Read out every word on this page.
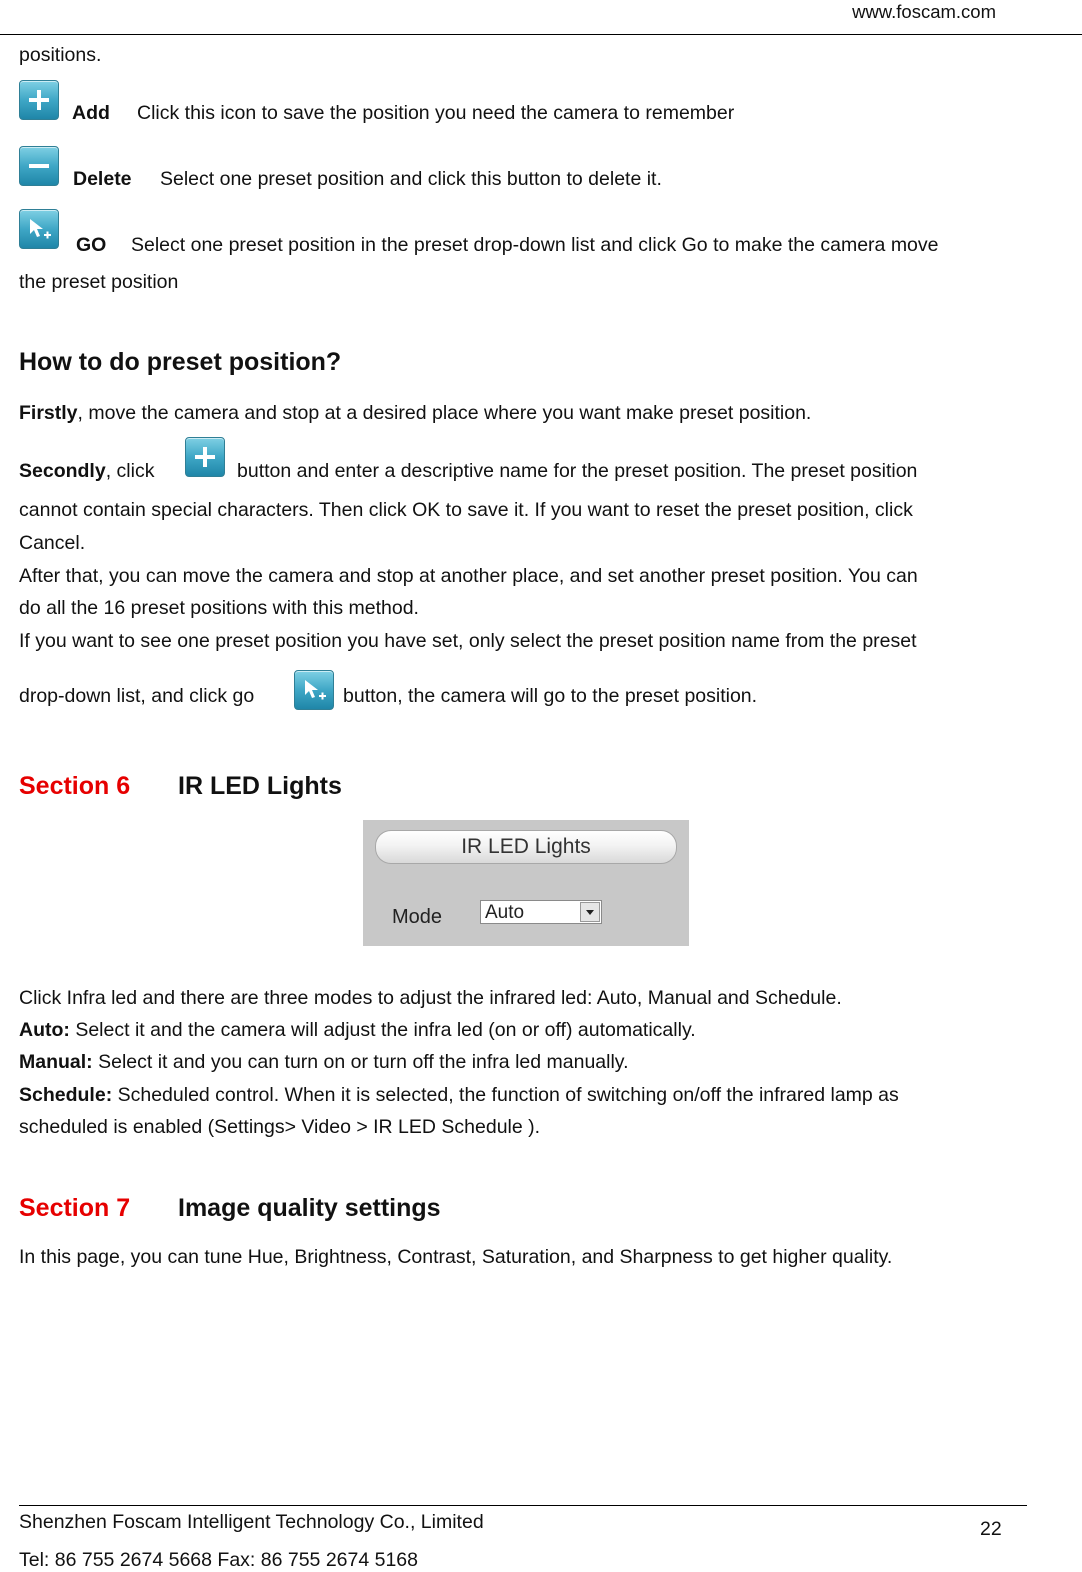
www.foscam.com
positions.
Add Click this icon to save the position you need the camera to remember
Delete Select one preset position and click this button to delete it.
GO Select one preset position in the preset drop-down list and click Go to make the camera move
the preset position
How to do preset position?
Firstly, move the camera and stop at a desired place where you want make preset position.
Secondly, click	button and enter a descriptive name for the preset position. The preset position
cannot contain special characters. Then click OK to save it. If you want to reset the preset position, click
Cancel.
After that, you can move the camera and stop at another place, and set another preset position. You can
do all the 16 preset positions with this method.
If you want to see one preset position you have set, only select the preset position name from the preset
drop-down list, and click go	button, the camera will go to the preset position.
Section 6 IR LED Lights
IR LED Lights
Mode Auto
Click Infra led and there are three modes to adjust the infrared led: Auto, Manual and Schedule.
Auto: Select it and the camera will adjust the infra led (on or off) automatically.
Manual: Select it and you can turn on or turn off the infra led manually.
Schedule: Scheduled control. When it is selected, the function of switching on/off the infrared lamp as
scheduled is enabled (Settings> Video > IR LED Schedule ).
Section 7 Image quality settings
In this page, you can tune Hue, Brightness, Contrast, Saturation, and Sharpness to get higher quality.
Shenzhen Foscam Intelligent Technology Co., Limited
Tel: 86 755 2674 5668 Fax: 86 755 2674 5168
22
